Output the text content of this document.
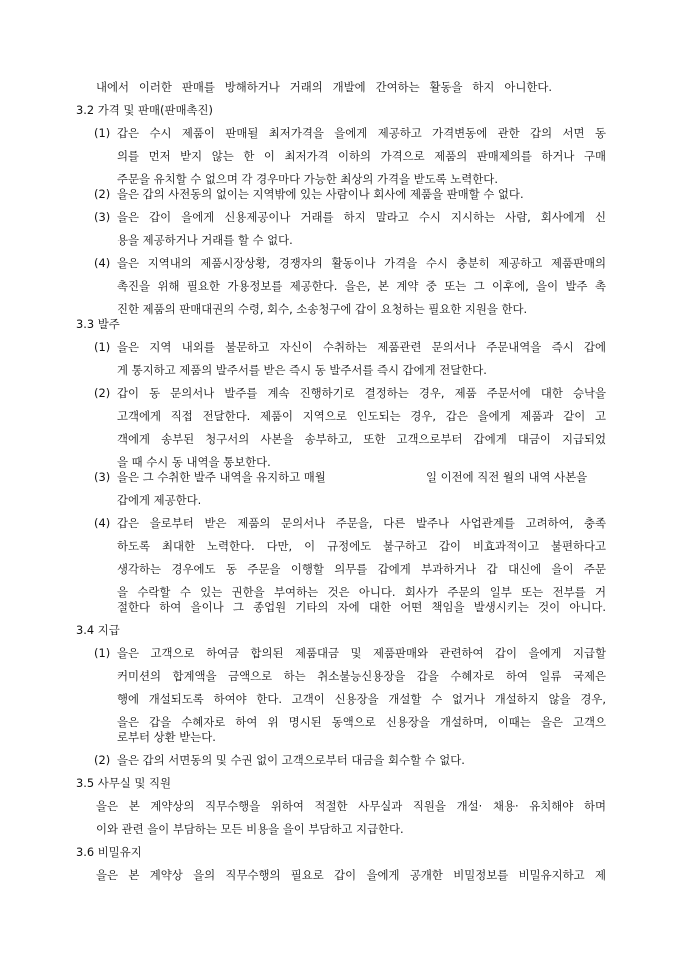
내에서 이러한 판매를 방해하거나 거래의 개발에 간여하는 활동을 하지 아니한다.
3.2 가격 및 판매(판매촉진)
(1) 갑은 수시 제품이 판매될 최저가격을 을에게 제공하고 가격변동에 관한 갑의 서면 동
의를 먼저 받지 않는 한 이 최저가격 이하의 가격으로 제품의 판매제의를 하거나 구매
주문을 유치할 수 없으며 각 경우마다 가능한 최상의 가격을 받도록 노력한다.
(2) 을은 갑의 사전동의 없이는 지역밖에 있는 사람이나 회사에 제품을 판매할 수 없다.
(3) 을은 갑이 을에게 신용제공이나 거래를 하지 말라고 수시 지시하는 사람, 회사에게 신
용을 제공하거나 거래를 할 수 없다.
(4) 을은 지역내의 제품시장상황, 경쟁자의 활동이나 가격을 수시 충분히 제공하고 제품판매의
촉진을 위해 필요한 가용정보를 제공한다. 을은, 본 계약 중 또는 그 이후에, 을이 발주 촉
진한 제품의 판매대권의 수령, 회수, 소송청구에 갑이 요청하는 필요한 지원을 한다.
3.3 발주
(1) 을은 지역 내외를 불문하고 자신이 수취하는 제품관련 문의서나 주문내역을 즉시 갑에
게 통지하고 제품의 발주서를 받은 즉시 동 발주서를 즉시 갑에게 전달한다.
(2) 갑이 동 문의서나 발주를 계속 진행하기로 결정하는 경우, 제품 주문서에 대한 승낙을
고객에게 직접 전달한다. 제품이 지역으로 인도되는 경우, 갑은 을에게 제품과 같이 고
객에게 송부된 청구서의 사본을 송부하고, 또한 고객으로부터 갑에게 대금이 지급되었
을 때 수시 동 내역을 통보한다.
(3) 을은 그 수취한 발주 내역을 유지하고 매월	일 이전에 직전 월의 내역 사본을
갑에게 제공한다.
(4) 갑은 을로부터 받은 제품의 문의서나 주문을, 다른 발주나 사업관계를 고려하여, 충족
하도록 최대한 노력한다. 다만, 이 규정에도 불구하고 갑이 비효과적이고 불편하다고
생각하는 경우에도 동 주문을 이행할 의무를 갑에게 부과하거나 갑 대신에 을이 주문
을 수락할 수 있는 권한을 부여하는 것은 아니다. 회사가 주문의 일부 또는 전부를 거
절한다 하여 을이나 그 종업원 기타의 자에 대한 어떤 책임을 발생시키는 것이 아니다.
3.4 지급
(1) 을은 고객으로 하여금 합의된 제품대금 및 제품판매와 관련하여 갑이 을에게 지급할
커미션의 합계액을 금액으로 하는 취소불능신용장을 갑을 수혜자로 하여 일류 국제은
행에 개설되도록 하여야 한다. 고객이 신용장을 개설할 수 없거나 개설하지 않을 경우,
을은 갑을 수혜자로 하여 위 명시된 동액으로 신용장을 개설하며, 이때는 을은 고객으
로부터 상환 받는다.
(2) 을은 갑의 서면동의 및 수권 없이 고객으로부터 대금을 회수할 수 없다.
3.5 사무실 및 직원
을은 본 계약상의 직무수행을 위하여 적절한 사무실과 직원을 개설· 채용· 유치해야 하며
이와 관련 을이 부담하는 모든 비용을 을이 부담하고 지급한다.
3.6 비밀유지
을은 본 계약상 을의 직무수행의 필요로 갑이 을에게 공개한 비밀정보를 비밀유지하고 제
